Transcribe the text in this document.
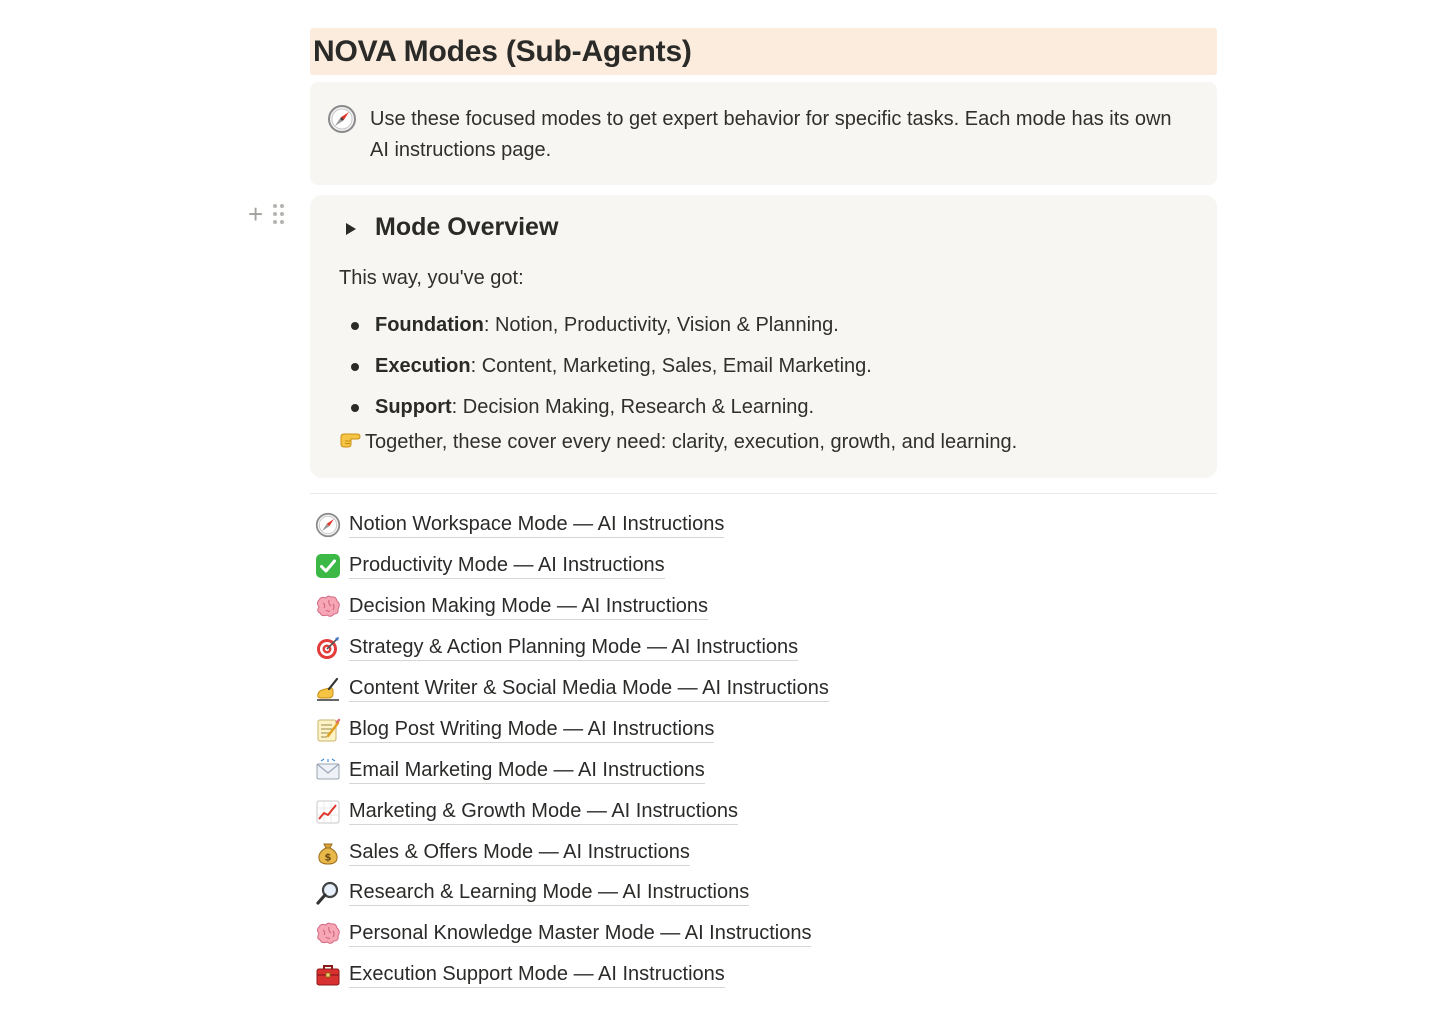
NOVA Modes (Sub-Agents)
Use these focused modes to get expert behavior for specific tasks. Each mode has its own AI instructions page.
+	Mode Overview
This way, you've got:
Foundation: Notion, Productivity, Vision & Planning.
Execution: Content, Marketing, Sales, Email Marketing.
Support: Decision Making, Research & Learning.
Together, these cover every need: clarity, execution, growth, and learning.
Notion Workspace Mode — AI Instructions
Productivity Mode — AI Instructions
Decision Making Mode — AI Instructions
Strategy & Action Planning Mode — AI Instructions
Content Writer & Social Media Mode — AI Instructions
Blog Post Writing Mode — AI Instructions
Email Marketing Mode — AI Instructions
Marketing & Growth Mode — AI Instructions
$ Sales & Offers Mode — AI Instructions
Research & Learning Mode — AI Instructions
Personal Knowledge Master Mode — AI Instructions
Execution Support Mode — AI Instructions
